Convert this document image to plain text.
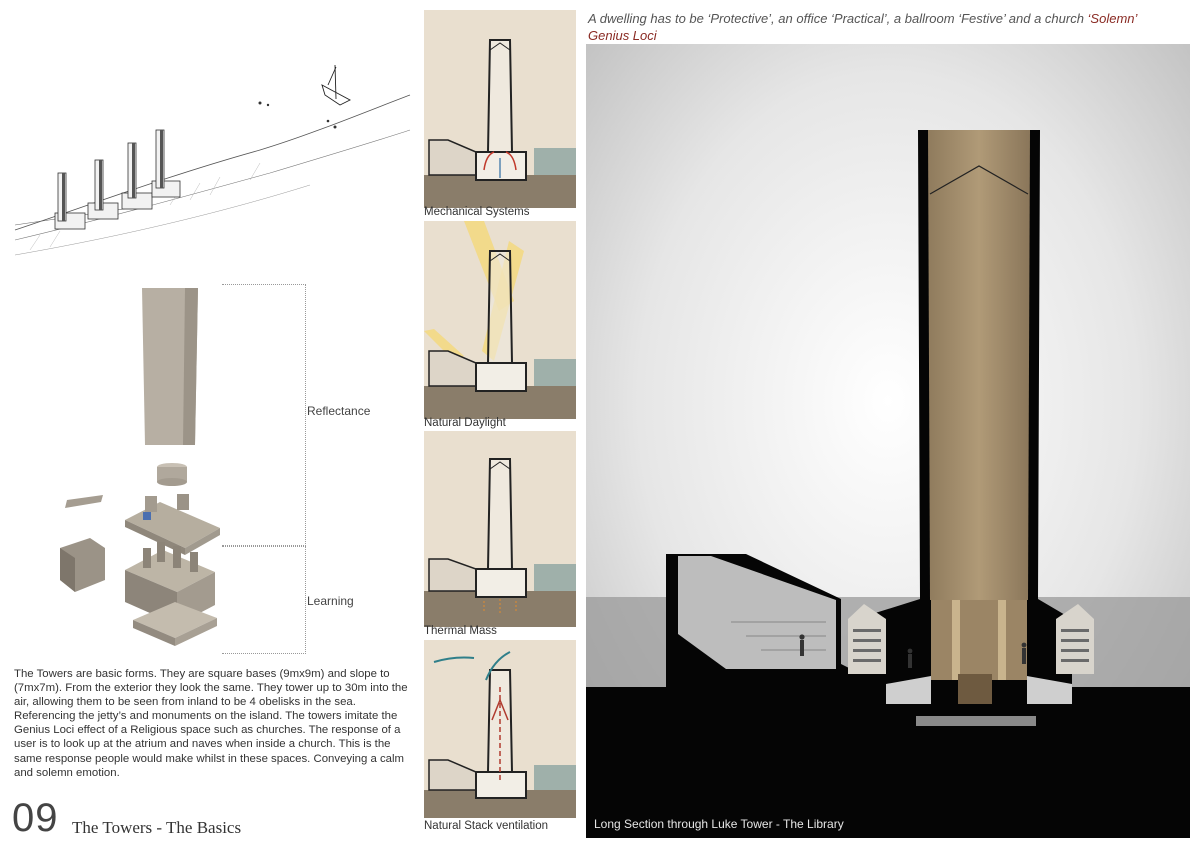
Reflectance
Learning

The Towers are basic forms. They are square bases (9mx9m) and slope to (7mx7m). From the exterior they look the same. They tower up to 30m into the air, allowing them to be seen from inland to be 4 obelisks in the sea. Referencing the jetty’s and monuments on the island. The towers imitate the Genius Loci effect of a Religious space such as churches. The response of a user is to look up at the atrium and naves when inside a church. This is the same response people would make whilst in these spaces. Conveying a calm and solemn emotion.

09 The Towers - The Basics
Mechanical Systems
Natural Daylight
Thermal Mass
Natural Stack ventilation
A dwelling has to be ‘Protective’, an office ‘Practical’, a ballroom ‘Festive’ and a church ‘Solemn’
Genius Loci
Long Section through Luke Tower - The Library
